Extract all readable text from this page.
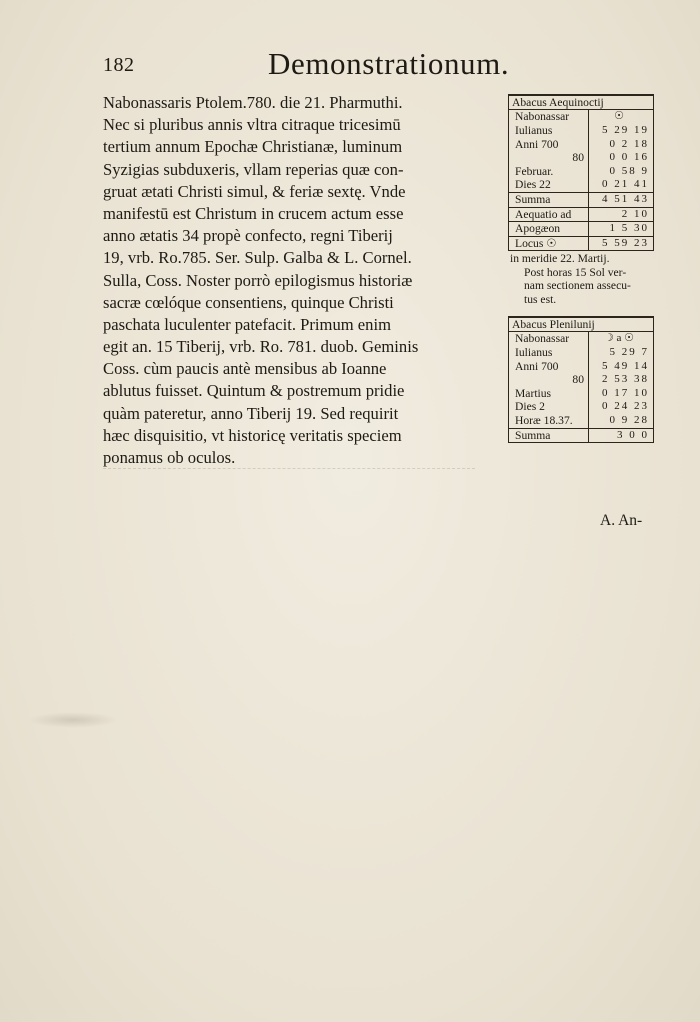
182	Demonstrationum.
Nabonassaris Ptolem.780. die 21. Pharmuthi.
Nec si pluribus annis vltra citraque tricesimū
tertium annum Epochæ Christianæ, luminum
Syzigias subduxeris, vllam reperias quæ con-
gruat ætati Christi simul, & feriæ sextę. Vnde
manifestū est Christum in crucem actum esse
anno ætatis 34 propè confecto, regni Tiberij
19, vrb. Ro.785. Ser. Sulp. Galba & L. Cornel.
Sulla, Coss. Noster porrò epilogismus historiæ
sacræ cœlóque consentiens, quinque Christi
paschata luculenter patefacit. Primum enim
egit an. 15 Tiberij, vrb. Ro. 781. duob. Geminis
Coss. cùm paucis antè mensibus ab Ioanne
ablutus fuisset. Quintum & postremum pridie
quàm pateretur, anno Tiberij 19. Sed requirit
hæc disquisitio, vt historicę veritatis speciem
ponamus ob oculos.
Abacus Aequinoctij
Nabonassar	☉
Iulianus	5 29 19
Anni 700	0 2 18
80	0 0 16
Februar.	0 58 9
Dies 22	0 21 41
Summa	4 51 43
Aequatio ad	2 10
Apogæon	1 5 30
Locus ☉	5 59 23
in meridie 22. Martij.
Post horas 15 Sol ver-
nam sectionem assecu-
tus est.
Abacus Plenilunij
Nabonassar	☽ a ☉
Iulianus	5 29 7
Anni 700	5 49 14
80	2 53 38
Martius	0 17 10
Dies 2	0 24 23
Horæ 18.37.	0 9 28
Summa	3 0 0
A. An-
